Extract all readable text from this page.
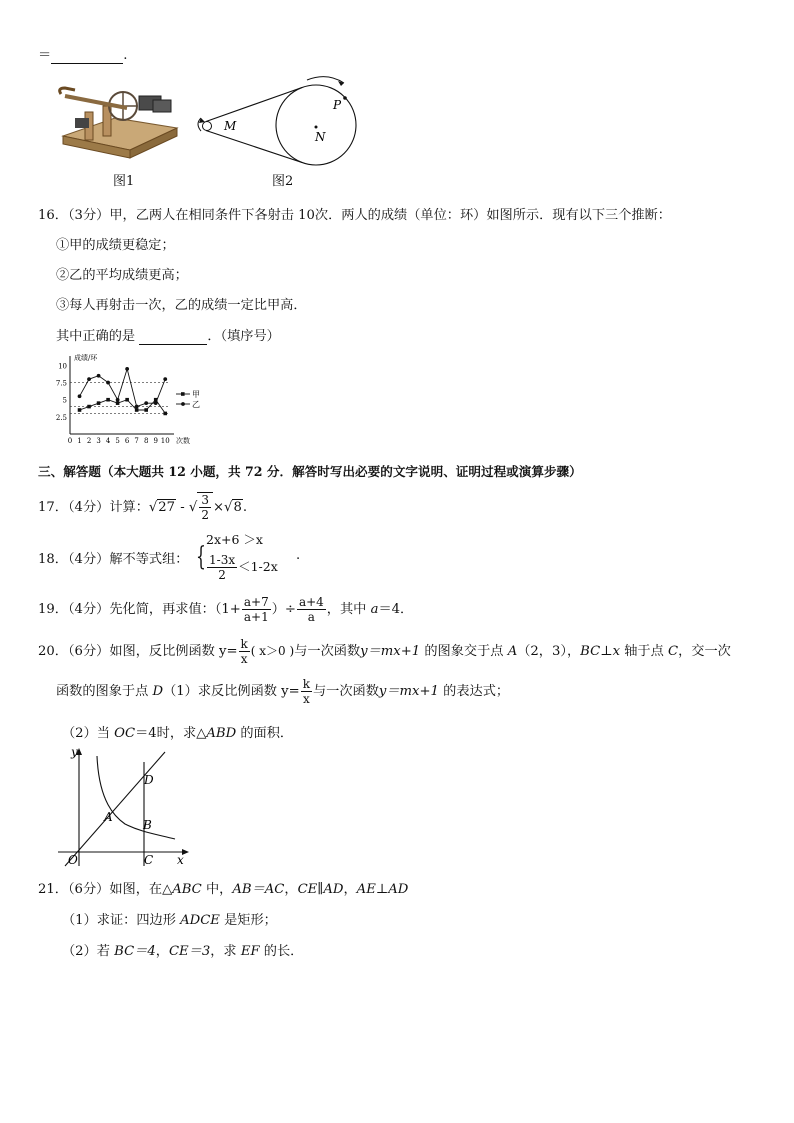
＝	.
图1
M
N
P
图2
16．（3分）甲，乙两人在相同条件下各射击 10次．两人的成绩（单位：环）如图所示．现有以下三个推断：
①甲的成绩更稳定；
②乙的平均成绩更高；
③每人再射击一次，乙的成绩一定比甲高．
其中正确的是	．（填序号）
2.5
5
7.5
10
0 1 2 3 4 5 6 7 8 9 10
成绩/环
次数
甲
乙
三、解答题（本大题共 12 小题，共 72 分．解答时写出必要的文字说明、证明过程或演算步骤）
17．（4分）计算：√27 - √ $\frac{3}{2} \times√8$.
18．（4分）解不等式组： {
2x+6 ＞x
$\frac{1-3x}{2} <1-2x$
.
19．（4分）先化简，再求值：（$1+ \frac{a+7}{a+1}$ ）÷ $\frac{a+4}{a}$ ，其中 a＝4．
20．（6分）如图，反比例函数 $y= \frac{k}{x}$ ( x＞0 )与一次函数y＝mx+1 的图象交于点 A（2，3），BC⊥x 轴于点 C，交一次
函数的图象于点 D（1）求反比例函数 $y= \frac{k}{x}$ 与一次函数y＝mx+1 的表达式；
（2）当 OC＝4时，求△ABD 的面积．
y
x
O
A
B
C
D
21．（6分）如图，在△ABC 中，AB＝AC，CE∥AD，AE⊥AD
（1）求证：四边形 ADCE 是矩形；
（2）若 BC＝4，CE＝3，求 EF 的长．
